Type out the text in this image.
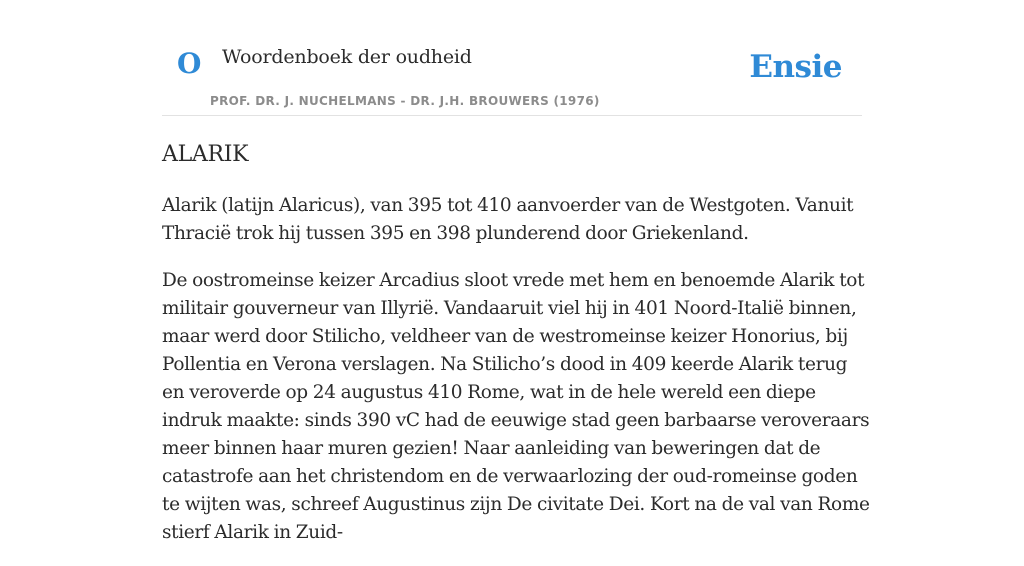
O Woordenboek der oudheid
PROF. DR. J. NUCHELMANS - DR. J.H. BROUWERS (1976)
Ensie
ALARIK

Alarik (latijn Alaricus), van 395 tot 410 aanvoerder van de Westgoten. Vanuit Thracië trok hij tussen 395 en 398 plunderend door Griekenland.

De oostromeinse keizer Arcadius sloot vrede met hem en benoemde Alarik tot militair gouverneur van Illyrië. Vandaaruit viel hij in 401 Noord-Italië binnen, maar werd door Stilicho, veldheer van de westromeinse keizer Honorius, bij Pollentia en Verona verslagen. Na Stilicho’s dood in 409 keerde Alarik terug en veroverde op 24 augustus 410 Rome, wat in de hele wereld een diepe indruk maakte: sinds 390 vC had de eeuwige stad geen barbaarse veroveraars meer binnen haar muren gezien! Naar aanleiding van beweringen dat de catastrofe aan het christendom en de verwaarlozing der oud-romeinse goden te wijten was, schreef Augustinus zijn De civitate Dei. Kort na de val van Rome stierf Alarik in Zuid-
